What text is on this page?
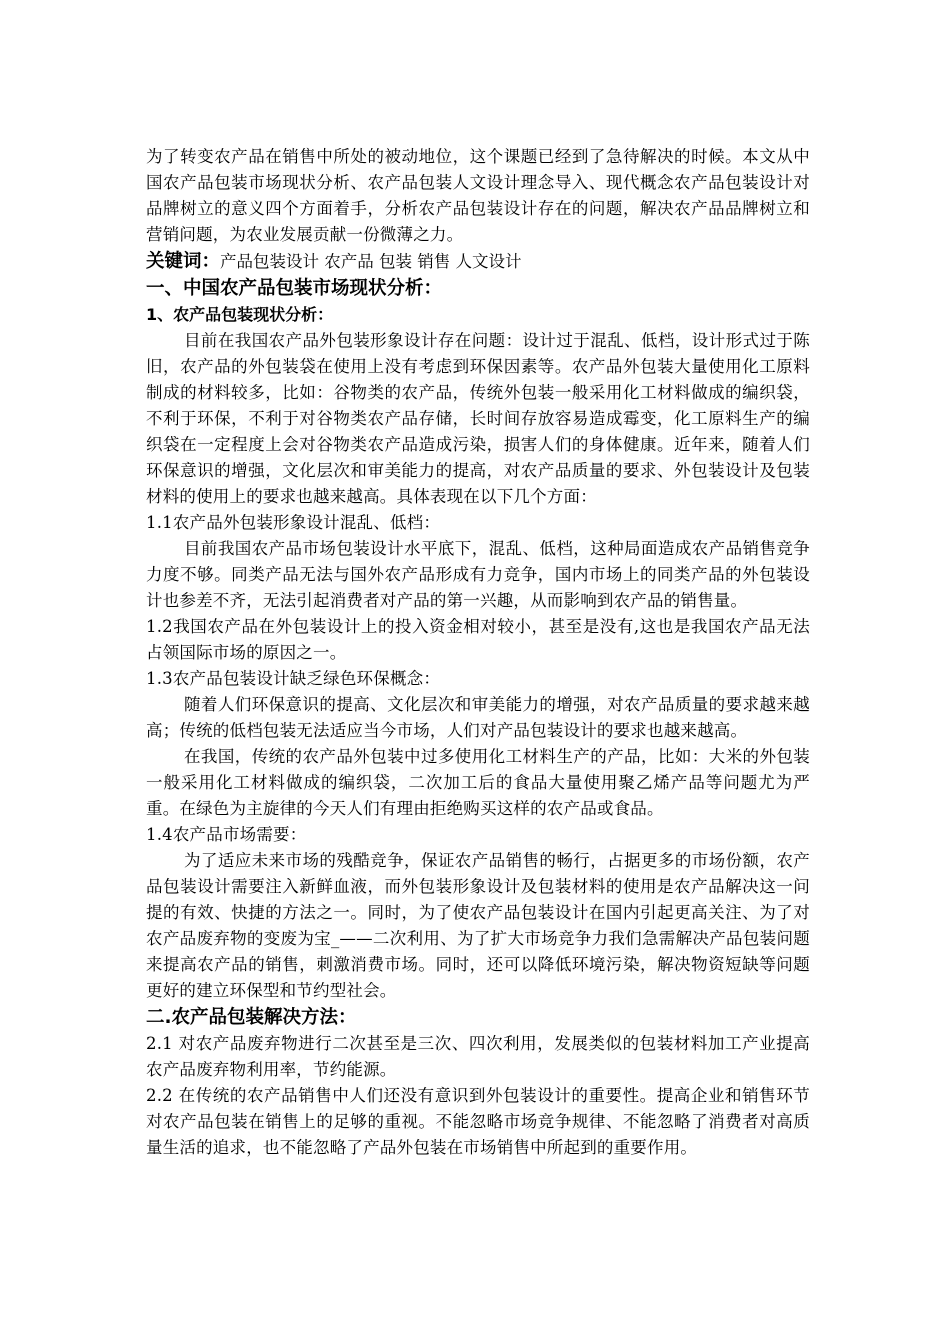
为了转变农产品在销售中所处的被动地位，这个课题已经到了急待解决的时候。本文从中国农产品包装市场现状分析、农产品包装人文设计理念导入、现代概念农产品包装设计对品牌树立的意义四个方面着手，分析农产品包装设计存在的问题，解决农产品品牌树立和营销问题，为农业发展贡献一份微薄之力。

关键词：产品包装设计 农产品 包装 销售 人文设计

一、中国农产品包装市场现状分析：

1、农产品包装现状分析：

目前在我国农产品外包装形象设计存在问题：设计过于混乱、低档，设计形式过于陈旧，农产品的外包装袋在使用上没有考虑到环保因素等。农产品外包装大量使用化工原料制成的材料较多，比如：谷物类的农产品，传统外包装一般采用化工材料做成的编织袋，不利于环保，不利于对谷物类农产品存储，长时间存放容易造成霉变，化工原料生产的编织袋在一定程度上会对谷物类农产品造成污染，损害人们的身体健康。近年来，随着人们环保意识的增强，文化层次和审美能力的提高，对农产品质量的要求、外包装设计及包装材料的使用上的要求也越来越高。具体表现在以下几个方面：

1.1农产品外包装形象设计混乱、低档：

目前我国农产品市场包装设计水平底下，混乱、低档，这种局面造成农产品销售竞争力度不够。同类产品无法与国外农产品形成有力竞争，国内市场上的同类产品的外包装设计也参差不齐，无法引起消费者对产品的第一兴趣，从而影响到农产品的销售量。

1.2我国农产品在外包装设计上的投入资金相对较小，甚至是没有,这也是我国农产品无法占领国际市场的原因之一。

1.3农产品包装设计缺乏绿色环保概念：

随着人们环保意识的提高、文化层次和审美能力的增强，对农产品质量的要求越来越高；传统的低档包装无法适应当今市场，人们对产品包装设计的要求也越来越高。

在我国，传统的农产品外包装中过多使用化工材料生产的产品，比如：大米的外包装一般采用化工材料做成的编织袋，二次加工后的食品大量使用聚乙烯产品等问题尤为严重。在绿色为主旋律的今天人们有理由拒绝购买这样的农产品或食品。

1.4农产品市场需要：

为了适应未来市场的残酷竞争，保证农产品销售的畅行，占据更多的市场份额，农产品包装设计需要注入新鲜血液，而外包装形象设计及包装材料的使用是农产品解决这一问提的有效、快捷的方法之一。同时，为了使农产品包装设计在国内引起更高关注、为了对农产品废弃物的变废为宝_——二次利用、为了扩大市场竞争力我们急需解决产品包装问题来提高农产品的销售，刺激消费市场。同时，还可以降低环境污染，解决物资短缺等问题更好的建立环保型和节约型社会。

二.农产品包装解决方法：

2.1 对农产品废弃物进行二次甚至是三次、四次利用，发展类似的包装材料加工产业提高农产品废弃物利用率，节约能源。

2.2 在传统的农产品销售中人们还没有意识到外包装设计的重要性。提高企业和销售环节对农产品包装在销售上的足够的重视。不能忽略市场竞争规律、不能忽略了消费者对高质量生活的追求，也不能忽略了产品外包装在市场销售中所起到的重要作用。
